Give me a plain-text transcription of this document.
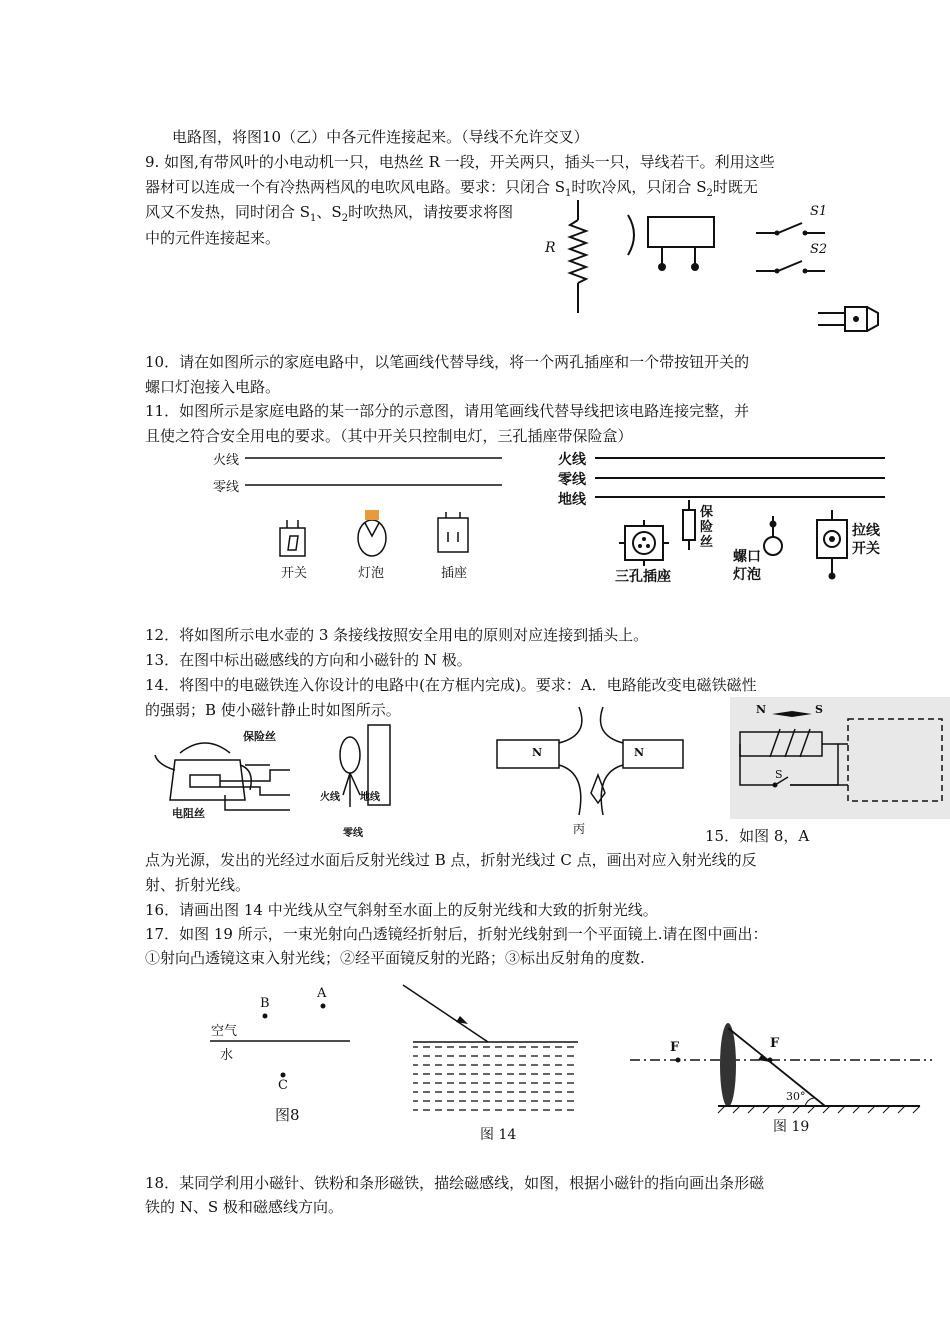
电路图，将图10（乙）中各元件连接起来。（导线不允许交叉）
9. 如图,有带风叶的小电动机一只，电热丝 R 一段，开关两只，插头一只，导线若干。利用这些
器材可以连成一个有冷热两档风的电吹风电路。要求：只闭合 $S_1$时吹冷风，只闭合 $S_2$时既无
风又不发热，同时闭合 $S_1$、$S_2$时吹热风，请按要求将图
中的元件连接起来。
R
S1
S2
10．请在如图所示的家庭电路中，以笔画线代替导线，将一个两孔插座和一个带按钮开关的
螺口灯泡接入电路。
11．如图所示是家庭电路的某一部分的示意图，请用笔画线代替导线把该电路连接完整，并
且使之符合安全用电的要求。（其中开关只控制电灯，三孔插座带保险盒）
火线
零线
开关	灯泡	插座
火线
零线
地线
保险丝
三孔插座
螺口灯泡
拉线开关
12．将如图所示电水壶的 3 条接线按照安全用电的原则对应连接到插头上。
13．在图中标出磁感线的方向和小磁针的 N 极。
14．将图中的电磁铁连入你设计的电路中(在方框内完成)。要求：A．电路能改变电磁铁磁性
的强弱；B 使小磁针静止时如图所示。
保险丝
电阻丝
火线 地线
零线
N	N
丙
N	S
S
15．如图 8，A
点为光源，发出的光经过水面后反射光线过 B 点，折射光线过 C 点，画出对应入射光线的反
射、折射光线。
16．请画出图 14 中光线从空气斜射至水面上的反射光线和大致的折射光线。
17．如图 19 所示，一束光射向凸透镜经折射后，折射光线射到一个平面镜上.请在图中画出：
①射向凸透镜这束入射光线；②经平面镜反射的光路；③标出反射角的度数.
B
A
空气
水
C
图8
图 14
F	F
30°
图 19
18．某同学利用小磁针、铁粉和条形磁铁，描绘磁感线，如图，根据小磁针的指向画出条形磁
铁的 N、S 极和磁感线方向。
